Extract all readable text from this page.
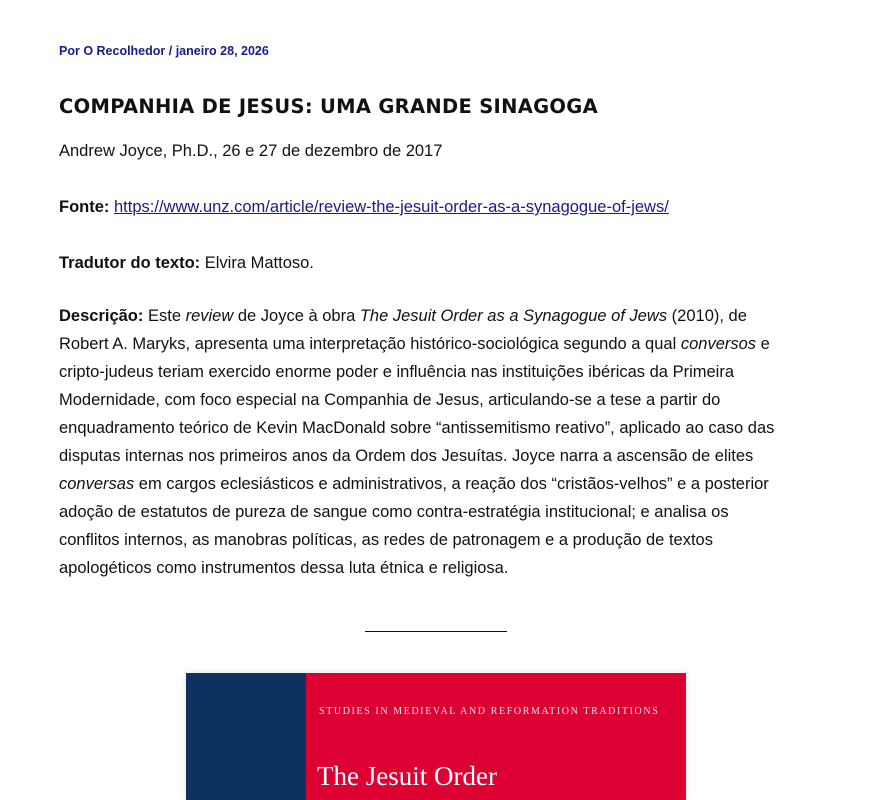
Por O Recolhedor / janeiro 28, 2026
COMPANHIA DE JESUS: UMA GRANDE SINAGOGA

Andrew Joyce, Ph.D., 26 e 27 de dezembro de 2017

Fonte: https://www.unz.com/article/review-the-jesuit-order-as-a-synagogue-of-jews/

Tradutor do texto: Elvira Mattoso.

Descrição: Este review de Joyce à obra The Jesuit Order as a Synagogue of Jews (2010), de
Robert A. Maryks, apresenta uma interpretação histórico-sociológica segundo a qual conversos e
cripto-judeus teriam exercido enorme poder e influência nas instituições ibéricas da Primeira
Modernidade, com foco especial na Companhia de Jesus, articulando-se a tese a partir do
enquadramento teórico de Kevin MacDonald sobre “antissemitismo reativo”, aplicado ao caso das
disputas internas nos primeiros anos da Ordem dos Jesuítas. Joyce narra a ascensão de elites
conversas em cargos eclesiásticos e administrativos, a reação dos “cristãos-velhos” e a posterior
adoção de estatutos de pureza de sangue como contra-estratégia institucional; e analisa os
conflitos internos, as manobras políticas, as redes de patronagem e a produção de textos
apologéticos como instrumentos dessa luta étnica e religiosa.
STUDIES IN MEDIEVAL AND REFORMATION TRADITIONS
The Jesuit Order
